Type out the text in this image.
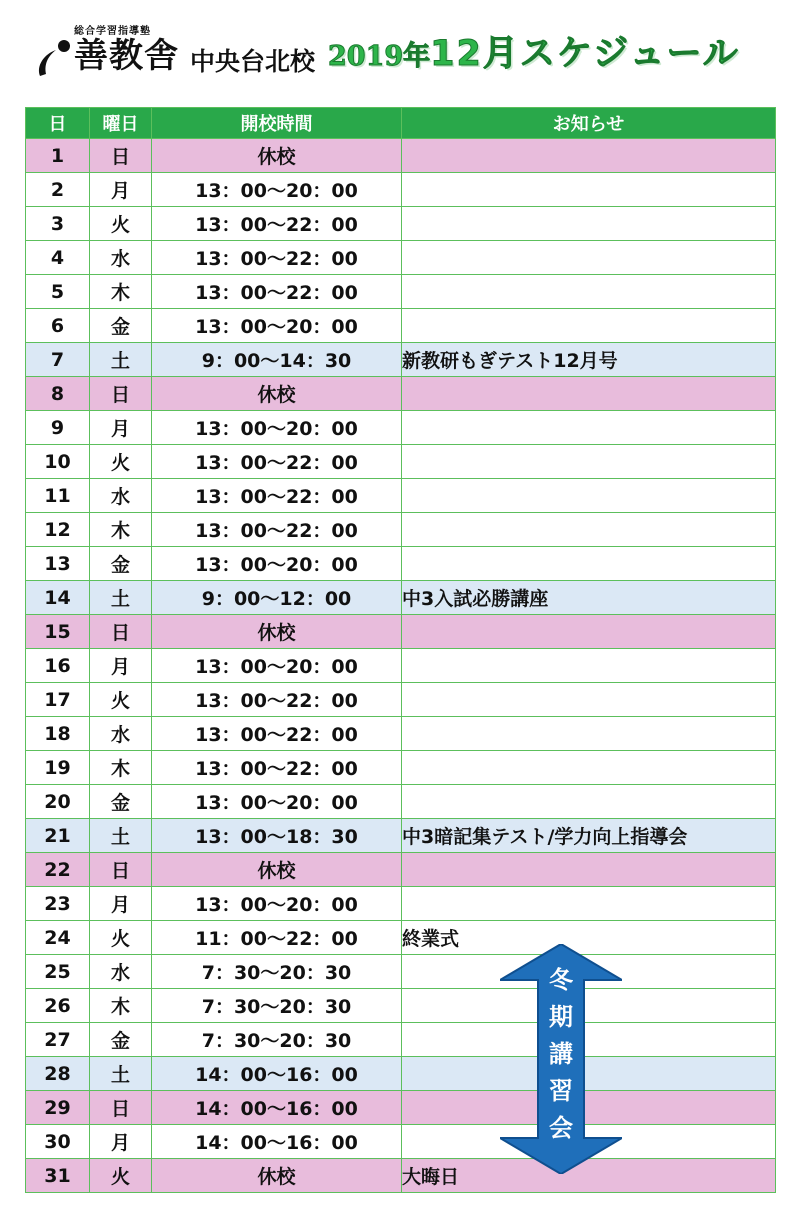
総合学習指導塾
善教舎 中央台北校 2019年12月スケジュール
日	曜日	開校時間	お知らせ
1	日	休校	
2	月	13：00～20：00	
3	火	13：00～22：00	
4	水	13：00～22：00	
5	木	13：00～22：00	
6	金	13：00～20：00	
7	土	9：00～14：30	新教研もぎテスト12月号
8	日	休校	
9	月	13：00～20：00	
10	火	13：00～22：00	
11	水	13：00～22：00	
12	木	13：00～22：00	
13	金	13：00～20：00	
14	土	9：00～12：00	中3入試必勝講座
15	日	休校	
16	月	13：00～20：00	
17	火	13：00～22：00	
18	水	13：00～22：00	
19	木	13：00～22：00	
20	金	13：00～20：00	
21	土	13：00～18：30	中3暗記集テスト/学力向上指導会
22	日	休校	
23	月	13：00～20：00	
24	火	11：00～22：00	終業式
25	水	7：30～20：30	
26	木	7：30～20：30	
27	金	7：30～20：30	
28	土	14：00～16：00	
29	日	14：00～16：00	
30	月	14：00～16：00	
31	火	休校	大晦日
冬
期
講
習
会
